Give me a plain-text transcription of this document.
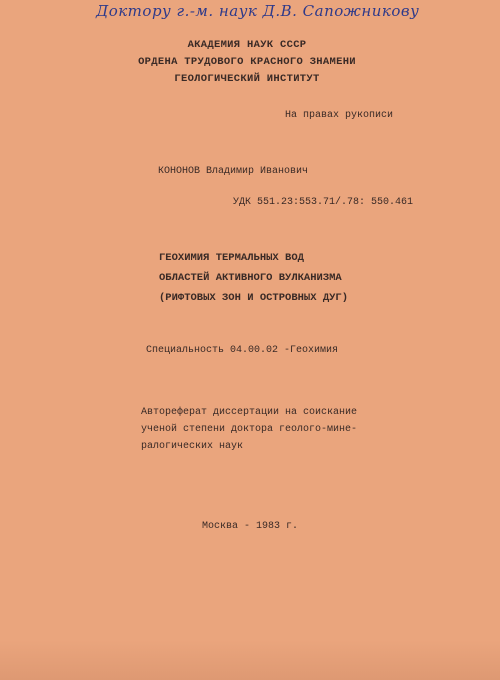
Доктору г.-м. наук Д.В. Сапожникову
АКАДЕМИЯ НАУК СССР
ОРДЕНА ТРУДОВОГО КРАСНОГО ЗНАМЕНИ
ГЕОЛОГИЧЕСКИЙ ИНСТИТУТ
На правах рукописи
КОНОНОВ Владимир Иванович
УДК 551.23:553.71/.78: 550.461
ГЕОХИМИЯ ТЕРМАЛЬНЫХ ВОД
ОБЛАСТЕЙ АКТИВНОГО ВУЛКАНИЗМА
(РИФТОВЫХ ЗОН И ОСТРОВНЫХ ДУГ)
Специальность 04.00.02 -Геохимия
Автореферат диссертации на соискание
ученой степени доктора геолого-мине-
ралогических наук
Москва - 1983 г.
